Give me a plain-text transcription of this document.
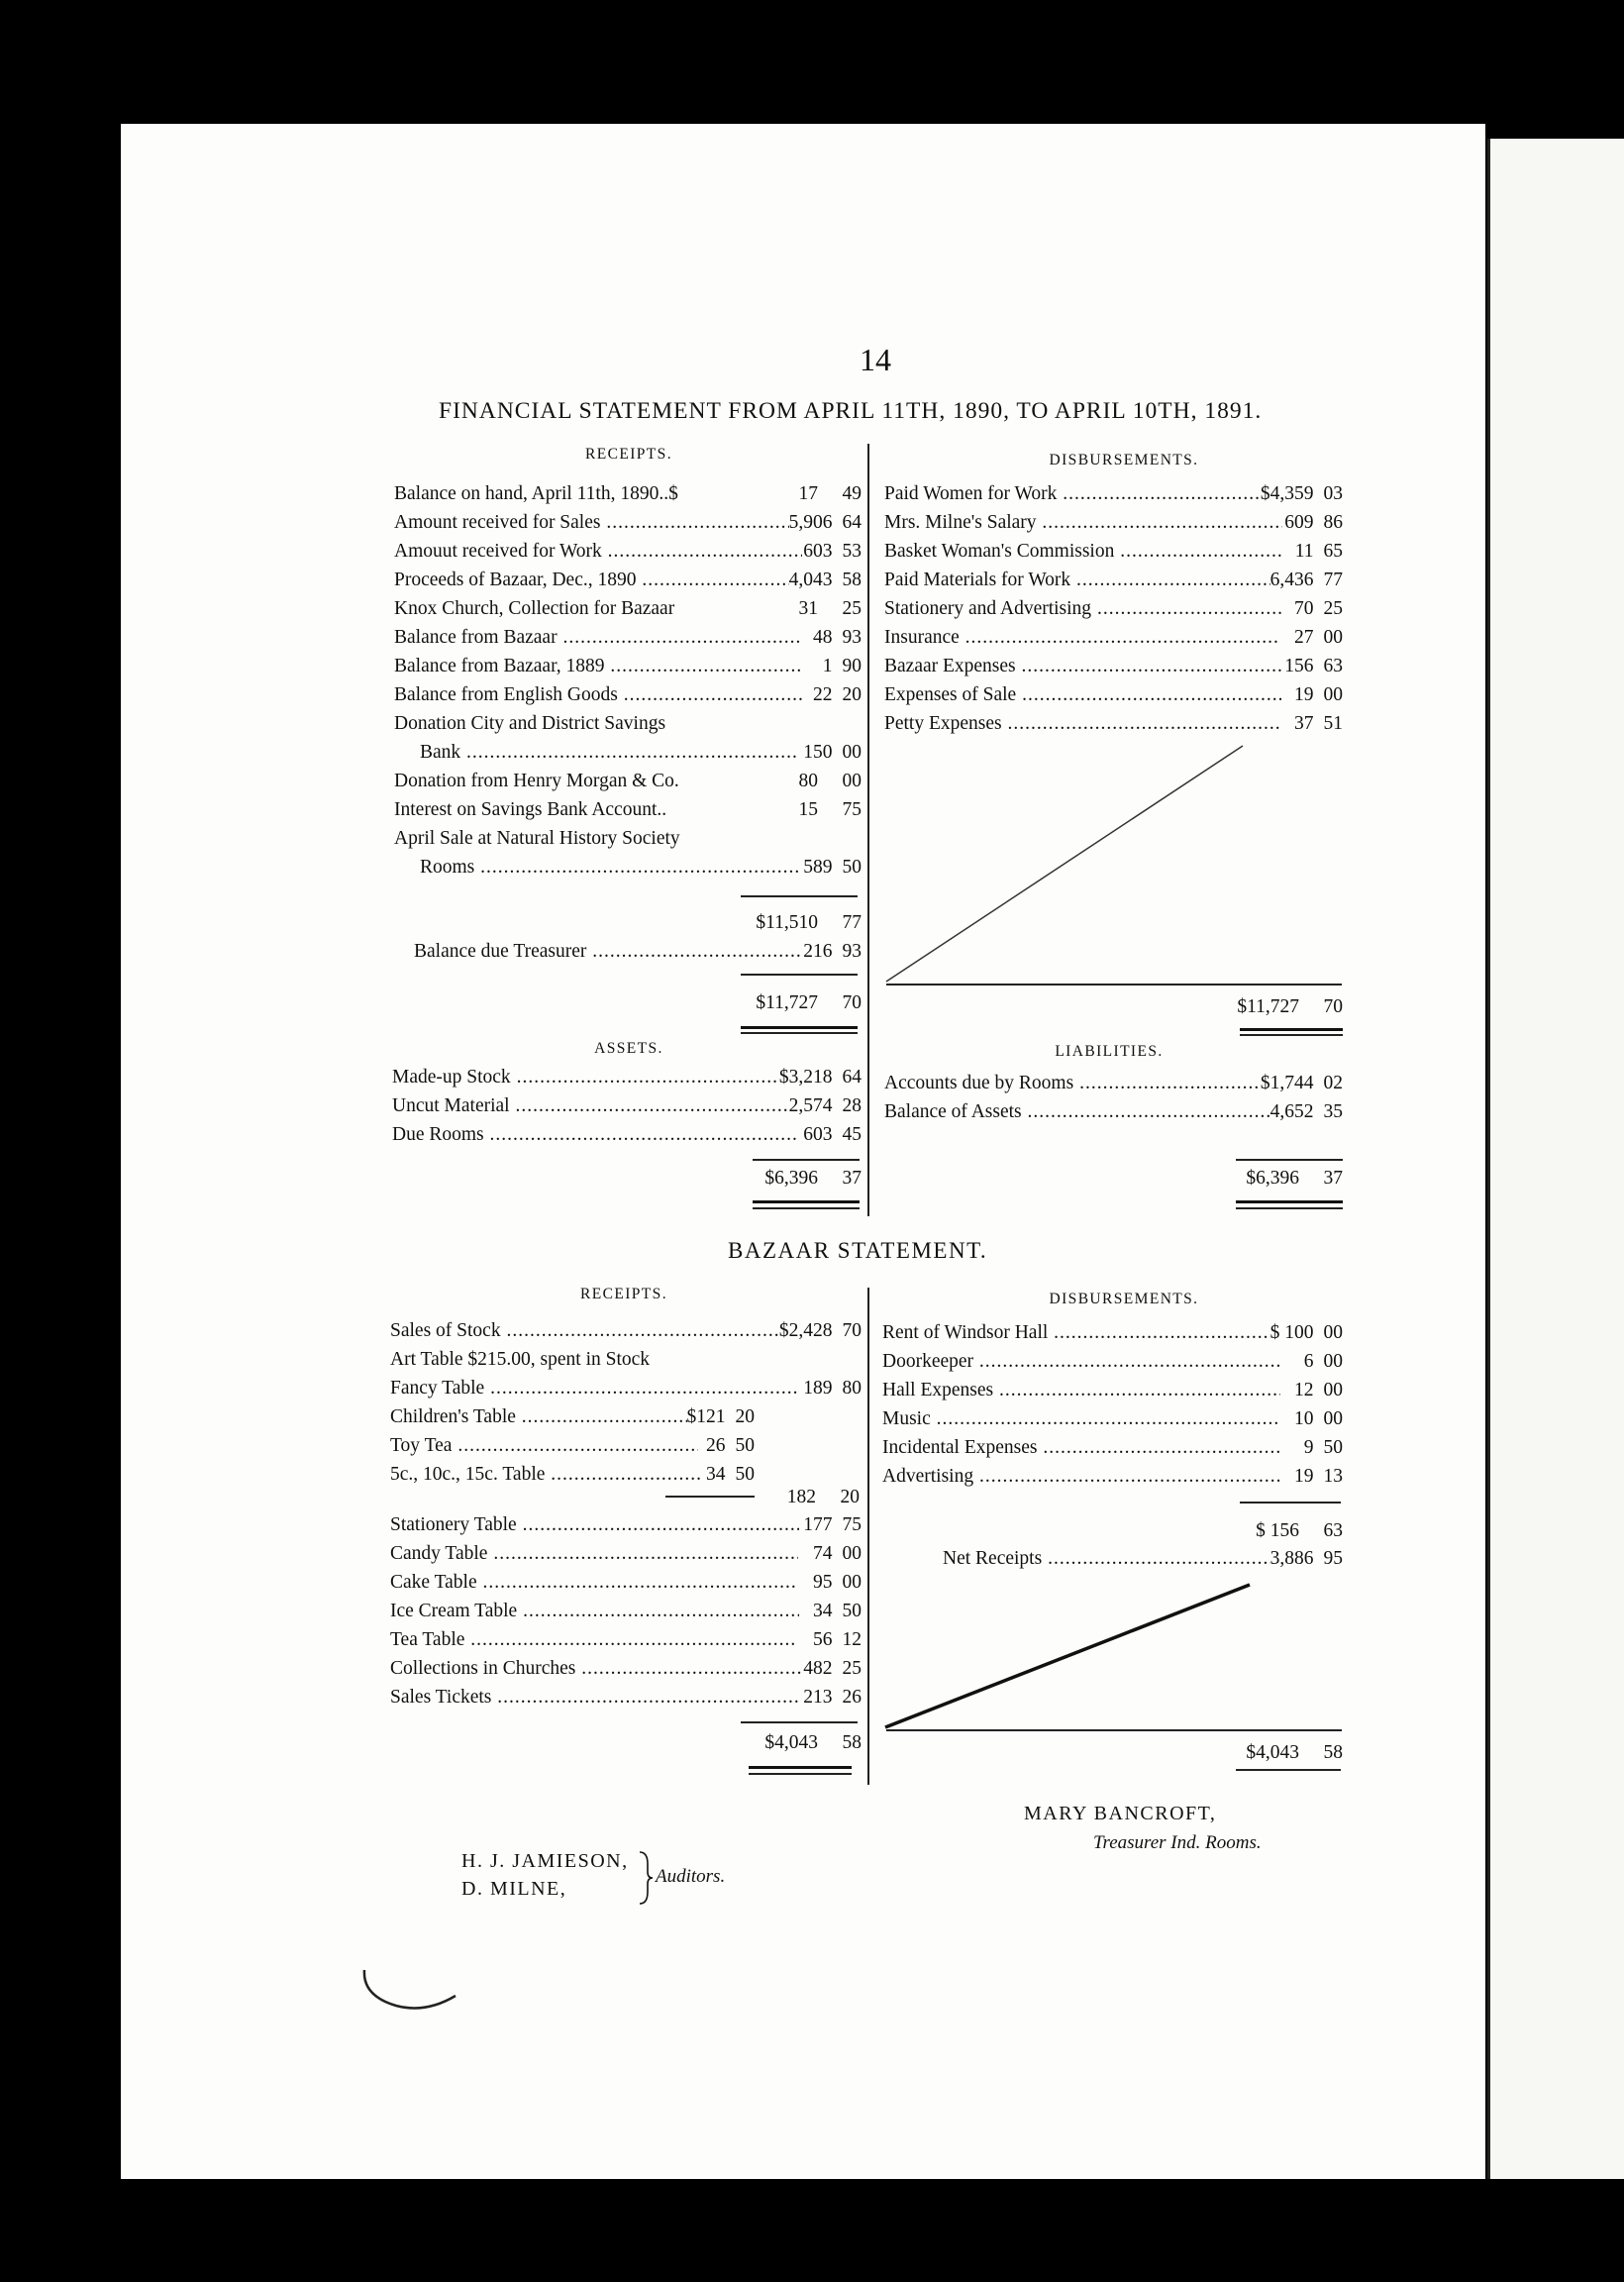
14
FINANCIAL STATEMENT FROM APRIL 11TH, 1890, TO APRIL 10TH, 1891.
RECEIPTS.	DISBURSEMENTS.
Balance on hand, April 11th, 1890..$	17	49
Amount received for Sales .....	5,906 64
Amouut received for Work .....	603 53
Proceeds of Bazaar, Dec., 1890 .....	4,043 58
Knox Church, Collection for Bazaar	31	25
Balance from Bazaar .....	48 93
Balance from Bazaar, 1889 .....	1 90
Balance from English Goods .....	22 20
Donation City and District Savings
Bank .....	150 00
Donation from Henry Morgan & Co.	80	00
Interest on Savings Bank Account..	15	75
April Sale at Natural History Society
Rooms .....	589 50
Paid Women for Work .....	$4,359 03
Mrs. Milne's Salary .....	609 86
Basket Woman's Commission .....	11 65
Paid Materials for Work .....	6,436 77
Stationery and Advertising .....	70 25
Insurance .....	27 00
Bazaar Expenses .....	156 63
Expenses of Sale .....	19 00
Petty Expenses .....	37 51
$11,510	77
Balance due Treasurer .....	216 93
$11,727	70	$11,727	70
ASSETS.	LIABILITIES.
Made-up Stock .....	$3,218 64
Uncut Material .....	2,574 28
Due Rooms .....	603 45
Accounts due by Rooms .....	$1,744 02
Balance of Assets .....	4,652 35
$6,396	37	$6,396	37
BAZAAR STATEMENT.
RECEIPTS.	DISBURSEMENTS.
Sales of Stock .....	$2,428 70
Art Table $215.00, spent in Stock
Fancy Table .....	189 80
Children's Table .....	$121 20
Toy Tea .....	26 50
5c., 10c., 15c. Table .....	34 50
182	20
Stationery Table .....	177 75
Candy Table .....	74 00
Cake Table .....	95 00
Ice Cream Table .....	34 50
Tea Table .....	56 12
Collections in Churches .....	482 25
Sales Tickets .....	213 26
$4,043	58
Rent of Windsor Hall .....	$ 100 00
Doorkeeper .....	6 00
Hall Expenses .....	12 00
Music .....	10 00
Incidental Expenses .....	9 50
Advertising .....	19 13
$ 156	63
Net Receipts .....	3,886 95
$4,043	58
MARY BANCROFT,
Treasurer Ind. Rooms.
H. J. JAMIESON,
D. MILNE,
Auditors.
